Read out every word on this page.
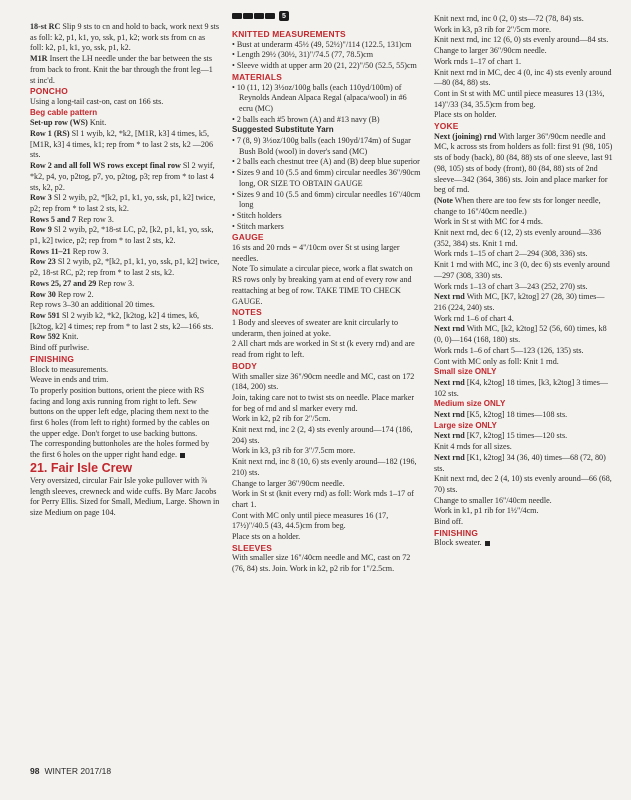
5

18-st RC Slip 9 sts to cn and hold to back, work next 9 sts as foll: k2, p1, k1, yo, ssk, p1, k2; work sts from cn as foll: k2, p1, k1, yo, ssk, p1, k2.

M1R Insert the LH needle under the bar between the sts from back to front. Knit the bar through the front leg—1 st inc'd.

PONCHO

Using a long-tail cast-on, cast on 166 sts.

Beg cable pattern

Set-up row (WS) Knit.

Row 1 (RS) Sl 1 wyib, k2, *k2, [M1R, k3] 4 times, k5, [M1R, k3] 4 times, k1; rep from * to last 2 sts, k2 —206 sts.

Row 2 and all foll WS rows except final row Sl 2 wyif, *k2, p4, yo, p2tog, p7, yo, p2tog, p3; rep from * to last 4 sts, k2, p2.

Row 3 Sl 2 wyib, p2, *[k2, p1, k1, yo, ssk, p1, k2] twice, p2; rep from * to last 2 sts, k2.

Rows 5 and 7 Rep row 3.

Row 9 Sl 2 wyib, p2, *18-st LC, p2, [k2, p1, k1, yo, ssk, p1, k2] twice, p2; rep from * to last 2 sts, k2.

Rows 11–21 Rep row 3.

Row 23 Sl 2 wyib, p2, *[k2, p1, k1, yo, ssk, p1, k2] twice, p2, 18-st RC, p2; rep from * to last 2 sts, k2.

Rows 25, 27 and 29 Rep row 3.

Row 30 Rep row 2.

Rep rows 3–30 an additional 20 times.

Row 591 Sl 2 wyib k2, *k2, [k2tog, k2] 4 times, k6, [k2tog, k2] 4 times; rep from * to last 2 sts, k2—166 sts.

Row 592 Knit.

Bind off purlwise.

FINISHING

Block to measurements.

Weave in ends and trim.

To properly position buttons, orient the piece with RS facing and long axis running from right to left. Sew buttons on the upper left edge, placing them next to the first 6 holes (from left to right) formed by the cables on the upper edge. Don't forget to use backing buttons.

The corresponding buttonholes are the holes formed by the first 6 holes on the upper right hand edge.

21. Fair Isle Crew

Very oversized, circular Fair Isle yoke pullover with ⅞ length sleeves, crewneck and wide cuffs. By Marc Jacobs for Perry Ellis. Sized for Small, Medium, Large. Shown in size Medium on page 104.

KNITTED MEASUREMENTS

• Bust at underarm 45½ (49, 52½)"/114 (122.5, 131)cm

• Length 29½ (30½, 31)"/74.5 (77, 78.5)cm

• Sleeve width at upper arm 20 (21, 22)"/50 (52.5, 55)cm

MATERIALS

• 10 (11, 12) 3½oz/100g balls (each 110yd/100m) of Reynolds Andean Alpaca Regal (alpaca/wool) in #6 ecru (MC)

• 2 balls each #5 brown (A) and #13 navy (B)

Suggested Substitute Yarn

• 7 (8, 9) 3½oz/100g balls (each 190yd/174m) of Sugar Bush Bold (wool) in dover's sand (MC)

• 2 balls each chestnut tree (A) and (B) deep blue superior

• Sizes 9 and 10 (5.5 and 6mm) circular needles 36"/90cm long, OR SIZE TO OBTAIN GAUGE

• Sizes 9 and 10 (5.5 and 6mm) circular needles 16"/40cm long

• Stitch holders

• Stitch markers

GAUGE

16 sts and 20 rnds = 4"/10cm over St st using larger needles.

Note To simulate a circular piece, work a flat swatch on RS rows only by breaking yarn at end of every row and reattaching at beg of row. TAKE TIME TO CHECK GAUGE.

NOTES

1 Body and sleeves of sweater are knit circularly to underarm, then joined at yoke.

2 All chart rnds are worked in St st (k every rnd) and are read from right to left.

BODY

With smaller size 36"/90cm needle and MC, cast on 172 (184, 200) sts.

Join, taking care not to twist sts on needle. Place marker for beg of rnd and sl marker every rnd.

Work in k2, p2 rib for 2"/5cm.

Knit next rnd, inc 2 (2, 4) sts evenly around—174 (186, 204) sts.

Work in k3, p3 rib for 3"/7.5cm more.

Knit next rnd, inc 8 (10, 6) sts evenly around—182 (196, 210) sts.

Change to larger 36"/90cm needle.

Work in St st (knit every rnd) as foll: Work rnds 1–17 of chart 1.

Cont with MC only until piece measures 16 (17, 17½)"/40.5 (43, 44.5)cm from beg.

Place sts on a holder.

SLEEVES

With smaller size 16"/40cm needle and MC, cast on 72 (76, 84) sts. Join. Work in k2, p2 rib for 1"/2.5cm.

Knit next rnd, inc 0 (2, 0) sts—72 (78, 84) sts.

Work in k3, p3 rib for 2"/5cm more.

Knit next rnd, inc 12 (6, 0) sts evenly around—84 sts.

Change to larger 36"/90cm needle.

Work rnds 1–17 of chart 1.

Knit next rnd in MC, dec 4 (0, inc 4) sts evenly around—80 (84, 88) sts.

Cont in St st with MC until piece measures 13 (13½, 14)"/33 (34, 35.5)cm from beg.

Place sts on holder.

YOKE

Next (joining) rnd With larger 36"/90cm needle and MC, k across sts from holders as foll: first 91 (98, 105) sts of body (back), 80 (84, 88) sts of one sleeve, last 91 (98, 105) sts of body (front), 80 (84, 88) sts of 2nd sleeve—342 (364, 386) sts. Join and place marker for beg of rnd.

(Note When there are too few sts for longer needle, change to 16"/40cm needle.)

Work in St st with MC for 4 rnds.

Knit next rnd, dec 6 (12, 2) sts evenly around—336 (352, 384) sts. Knit 1 rnd.

Work rnds 1–15 of chart 2—294 (308, 336) sts.

Knit 1 rnd with MC, inc 3 (0, dec 6) sts evenly around—297 (308, 330) sts.

Work rnds 1–13 of chart 3—243 (252, 270) sts.

Next rnd With MC, [K7, k2tog] 27 (28, 30) times—216 (224, 240) sts.

Work rnd 1–6 of chart 4.

Next rnd With MC, [k2, k2tog] 52 (56, 60) times, k8 (0, 0)—164 (168, 180) sts.

Work rnds 1–6 of chart 5—123 (126, 135) sts.

Cont with MC only as foll: Knit 1 rnd.

Small size ONLY

Next rnd [K4, k2tog] 18 times, [k3, k2tog] 3 times—102 sts.

Medium size ONLY

Next rnd [K5, k2tog] 18 times—108 sts.

Large size ONLY

Next rnd [K7, k2tog] 15 times—120 sts.

Knit 4 rnds for all sizes.

Next rnd [K1, k2tog] 34 (36, 40) times—68 (72, 80) sts.

Knit next rnd, dec 2 (4, 10) sts evenly around—66 (68, 70) sts.

Change to smaller 16"/40cm needle.

Work in k1, p1 rib for 1½"/4cm.

Bind off.

FINISHING

Block sweater.

98 WINTER 2017/18
